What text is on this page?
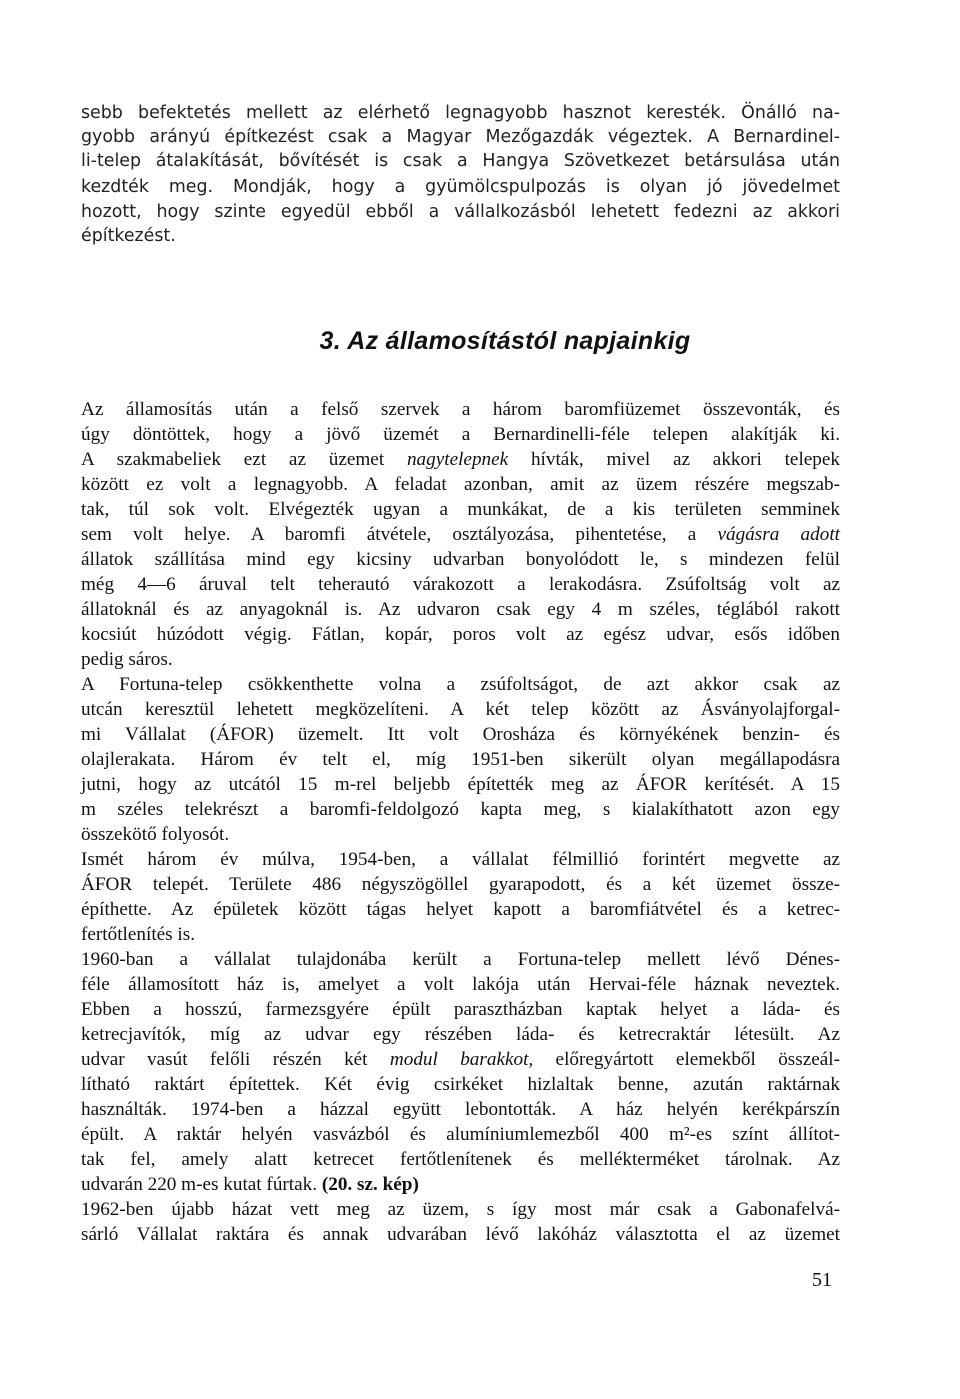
sebb befektetés mellett az elérhető legnagyobb hasznot keresték. Önálló na-
gyobb arányú építkezést csak a Magyar Mezőgazdák végeztek. A Bernardinel-
li-telep átalakítását, bővítését is csak a Hangya Szövetkezet betársulása után
kezdték meg. Mondják, hogy a gyümölcspulpozás is olyan jó jövedelmet
hozott, hogy szinte egyedül ebből a vállalkozásból lehetett fedezni az akkori
építkezést.
3. Az államosítástól napjainkig
Az államosítás után a felső szervek a három baromfiüzemet összevonták, és
úgy döntöttek, hogy a jövő üzemét a Bernardinelli-féle telepen alakítják ki.
A szakmabeliek ezt az üzemet nagytelepnek hívták, mivel az akkori telepek
között ez volt a legnagyobb. A feladat azonban, amit az üzem részére megszab-
tak, túl sok volt. Elvégezték ugyan a munkákat, de a kis területen semminek
sem volt helye. A baromfi átvétele, osztályozása, pihentetése, a vágásra adott
állatok szállítása mind egy kicsiny udvarban bonyolódott le, s mindezen felül
még 4—6 áruval telt teherautó várakozott a lerakodásra. Zsúfoltság volt az
állatoknál és az anyagoknál is. Az udvaron csak egy 4 m széles, téglából rakott
kocsiút húzódott végig. Fátlan, kopár, poros volt az egész udvar, esős időben
pedig sáros.
A Fortuna-telep csökkenthette volna a zsúfoltságot, de azt akkor csak az
utcán keresztül lehetett megközelíteni. A két telep között az Ásványolajforgal-
mi Vállalat (ÁFOR) üzemelt. Itt volt Orosháza és környékének benzin- és
olajlerakata. Három év telt el, míg 1951-ben sikerült olyan megállapodásra
jutni, hogy az utcától 15 m-rel beljebb építették meg az ÁFOR kerítését. A 15
m széles telekrészt a baromfi-feldolgozó kapta meg, s kialakíthatott azon egy
összekötő folyosót.
Ismét három év múlva, 1954-ben, a vállalat félmillió forintért megvette az
ÁFOR telepét. Területe 486 négyszögöllel gyarapodott, és a két üzemet össze-
építhette. Az épületek között tágas helyet kapott a baromfiátvétel és a ketrec-
fertőtlenítés is.
1960-ban a vállalat tulajdonába került a Fortuna-telep mellett lévő Dénes-
féle államosított ház is, amelyet a volt lakója után Hervai-féle háznak neveztek.
Ebben a hosszú, farmezsgyére épült parasztházban kaptak helyet a láda- és
ketrecjavítók, míg az udvar egy részében láda- és ketrecraktár létesült. Az
udvar vasút felőli részén két modul barakkot, előregyártott elemekből összeál-
lítható raktárt építettek. Két évig csirkéket hizlaltak benne, azután raktárnak
használták. 1974-ben a házzal együtt lebontották. A ház helyén kerékpárszín
épült. A raktár helyén vasvázból és alumíniumlemezből 400 m²-es színt állítot-
tak fel, amely alatt ketrecet fertőtlenítenek és mellékterméket tárolnak. Az
udvarán 220 m-es kutat fúrtak. (20. sz. kép)
1962-ben újabb házat vett meg az üzem, s így most már csak a Gabonafelvá-
sárló Vállalat raktára és annak udvarában lévő lakóház választotta el az üzemet
51
